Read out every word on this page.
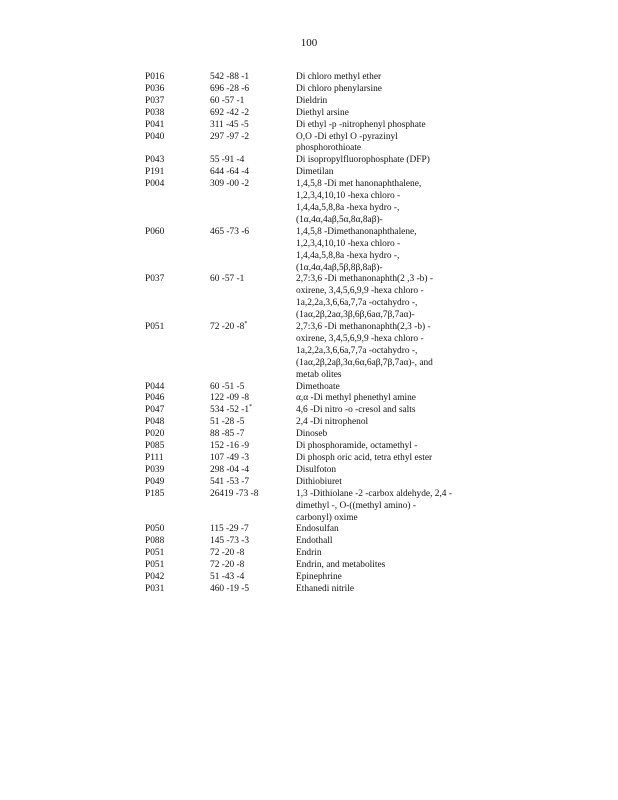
100
P016	542 -88 -1	Di chloro methyl ether
P036	696 -28 -6	Di chloro phenylarsine
P037	60 -57 -1	Dieldrin
P038	692 -42 -2	Diethyl arsine
P041	311 -45 -5	Di ethyl -p -nitrophenyl phosphate
P040	297 -97 -2	O,O -Di ethyl O -pyrazinyl
phosphorothioate
P043	55 -91 -4	Di isopropylfluorophosphate (DFP)
P191	644 -64 -4	Dimetilan
P004	309 -00 -2	1,4,5,8 -Di met hanonaphthalene,
1,2,3,4,10,10 -hexa chloro -
1,4,4a,5,8,8a -hexa hydro -,
(1α,4α,4aβ,5α,8α,8aβ)-
P060	465 -73 -6	1,4,5,8 -Dimethanonaphthalene,
1,2,3,4,10,10 -hexa chloro -
1,4,4a,5,8,8a -hexa hydro -,
(1α,4α,4aβ,5β,8β,8aβ)-
P037	60 -57 -1	2,7:3,6 -Di methanonaphth(2 ,3 -b) -
oxirene, 3,4,5,6,9,9 -hexa chloro -
1a,2,2a,3,6,6a,7,7a -octahydro -,
(1aα,2β,2aα,3β,6β,6aα,7β,7aα)-
P051	72 -20 -8*	2,7:3,6 -Di methanonaphth(2,3 -b) -
oxirene, 3,4,5,6,9,9 -hexa chloro -
1a,2,2a,3,6,6a,7,7a -octahydro -,
(1aα,2β,2aβ,3α,6α,6aβ,7β,7aα)-, and
metab olites
P044	60 -51 -5	Dimethoate
P046	122 -09 -8	α,α -Di methyl phenethyl amine
P047	534 -52 -1*	4,6 -Di nitro -o -cresol and salts
P048	51 -28 -5	2,4 -Di nitrophenol
P020	88 -85 -7	Dinoseb
P085	152 -16 -9	Di phosphoramide, octamethyl -
P111	107 -49 -3	Di phosph oric acid, tetra ethyl ester
P039	298 -04 -4	Disulfoton
P049	541 -53 -7	Dithiobiuret
P185	26419 -73 -8	1,3 -Dithiolane -2 -carbox aldehyde, 2,4 -
dimethyl -, O-((methyl amino) -
carbonyl) oxime
P050	115 -29 -7	Endosulfan
P088	145 -73 -3	Endothall
P051	72 -20 -8	Endrin
P051	72 -20 -8	Endrin, and metabolites
P042	51 -43 -4	Epinephrine
P031	460 -19 -5	Ethanedi nitrile
